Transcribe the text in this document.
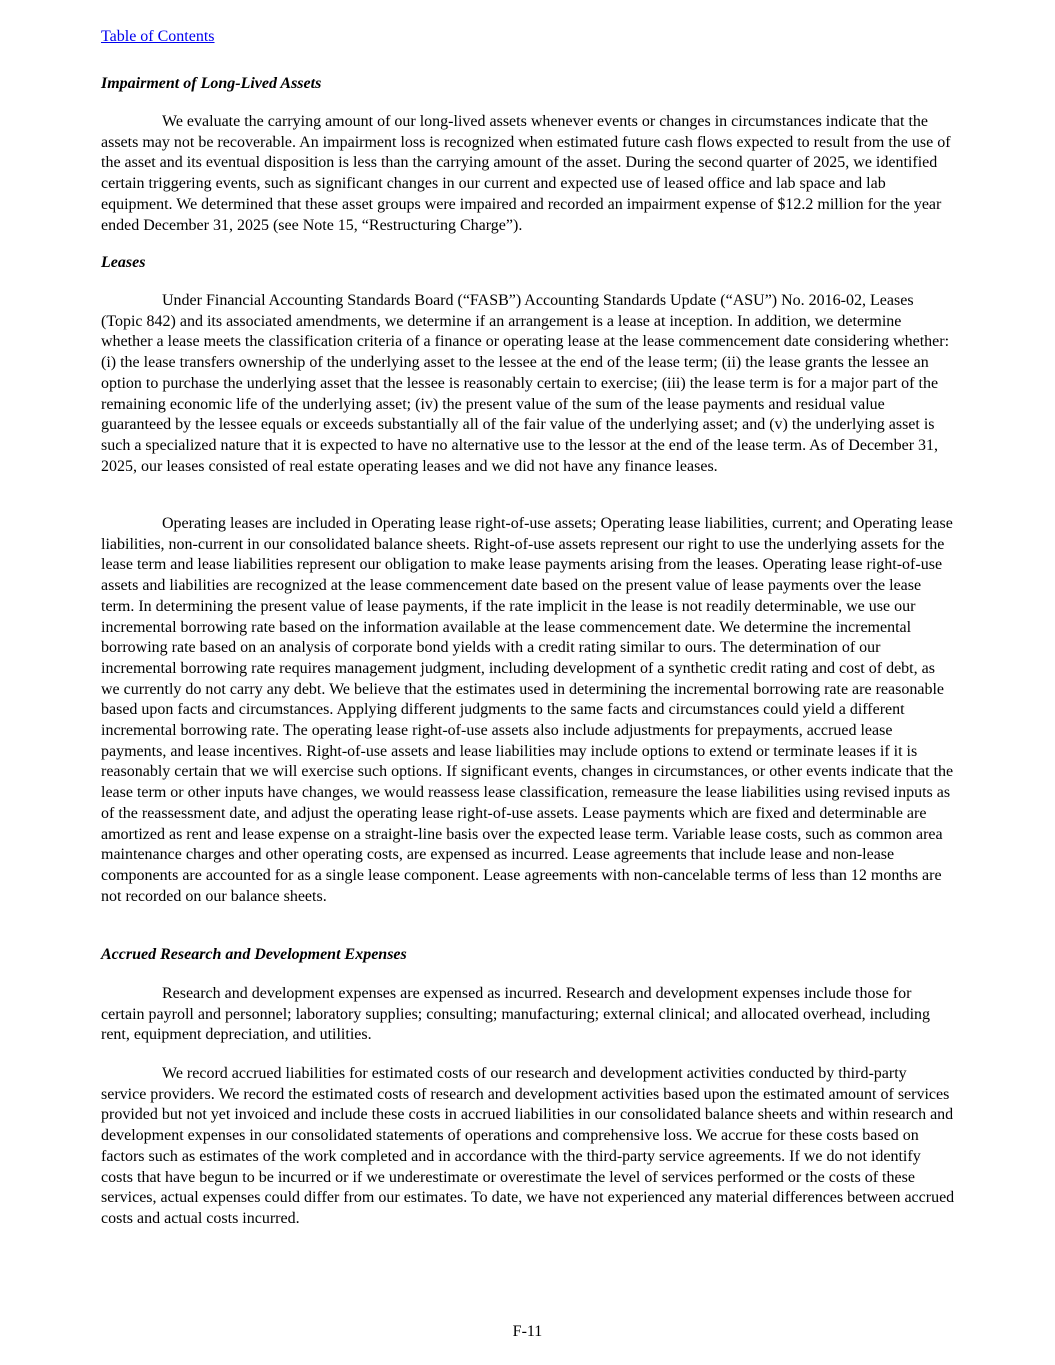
Table of Contents
Impairment of Long-Lived Assets

We evaluate the carrying amount of our long-lived assets whenever events or changes in circumstances indicate that the assets may not be recoverable. An impairment loss is recognized when estimated future cash flows expected to result from the use of the asset and its eventual disposition is less than the carrying amount of the asset. During the second quarter of 2025, we identified certain triggering events, such as significant changes in our current and expected use of leased office and lab space and lab equipment. We determined that these asset groups were impaired and recorded an impairment expense of $12.2 million for the year ended December 31, 2025 (see Note 15, “Restructuring Charge”).

Leases

Under Financial Accounting Standards Board (“FASB”) Accounting Standards Update (“ASU”) No. 2016-02, Leases (Topic 842) and its associated amendments, we determine if an arrangement is a lease at inception. In addition, we determine whether a lease meets the classification criteria of a finance or operating lease at the lease commencement date considering whether: (i) the lease transfers ownership of the underlying asset to the lessee at the end of the lease term; (ii) the lease grants the lessee an option to purchase the underlying asset that the lessee is reasonably certain to exercise; (iii) the lease term is for a major part of the remaining economic life of the underlying asset; (iv) the present value of the sum of the lease payments and residual value guaranteed by the lessee equals or exceeds substantially all of the fair value of the underlying asset; and (v) the underlying asset is such a specialized nature that it is expected to have no alternative use to the lessor at the end of the lease term. As of December 31, 2025, our leases consisted of real estate operating leases and we did not have any finance leases.

Operating leases are included in Operating lease right-of-use assets; Operating lease liabilities, current; and Operating lease liabilities, non-current in our consolidated balance sheets. Right-of-use assets represent our right to use the underlying assets for the lease term and lease liabilities represent our obligation to make lease payments arising from the leases. Operating lease right-of-use assets and liabilities are recognized at the lease commencement date based on the present value of lease payments over the lease term. In determining the present value of lease payments, if the rate implicit in the lease is not readily determinable, we use our incremental borrowing rate based on the information available at the lease commencement date. We determine the incremental borrowing rate based on an analysis of corporate bond yields with a credit rating similar to ours. The determination of our incremental borrowing rate requires management judgment, including development of a synthetic credit rating and cost of debt, as we currently do not carry any debt. We believe that the estimates used in determining the incremental borrowing rate are reasonable based upon facts and circumstances. Applying different judgments to the same facts and circumstances could yield a different incremental borrowing rate. The operating lease right-of-use assets also include adjustments for prepayments, accrued lease payments, and lease incentives. Right-of-use assets and lease liabilities may include options to extend or terminate leases if it is reasonably certain that we will exercise such options. If significant events, changes in circumstances, or other events indicate that the lease term or other inputs have changes, we would reassess lease classification, remeasure the lease liabilities using revised inputs as of the reassessment date, and adjust the operating lease right-of-use assets. Lease payments which are fixed and determinable are amortized as rent and lease expense on a straight-line basis over the expected lease term. Variable lease costs, such as common area maintenance charges and other operating costs, are expensed as incurred. Lease agreements that include lease and non-lease components are accounted for as a single lease component. Lease agreements with non-cancelable terms of less than 12 months are not recorded on our balance sheets.

Accrued Research and Development Expenses

Research and development expenses are expensed as incurred. Research and development expenses include those for certain payroll and personnel; laboratory supplies; consulting; manufacturing; external clinical; and allocated overhead, including rent, equipment depreciation, and utilities.

We record accrued liabilities for estimated costs of our research and development activities conducted by third-party service providers. We record the estimated costs of research and development activities based upon the estimated amount of services provided but not yet invoiced and include these costs in accrued liabilities in our consolidated balance sheets and within research and development expenses in our consolidated statements of operations and comprehensive loss. We accrue for these costs based on factors such as estimates of the work completed and in accordance with the third-party service agreements. If we do not identify costs that have begun to be incurred or if we underestimate or overestimate the level of services performed or the costs of these services, actual expenses could differ from our estimates. To date, we have not experienced any material differences between accrued costs and actual costs incurred.

F-11
